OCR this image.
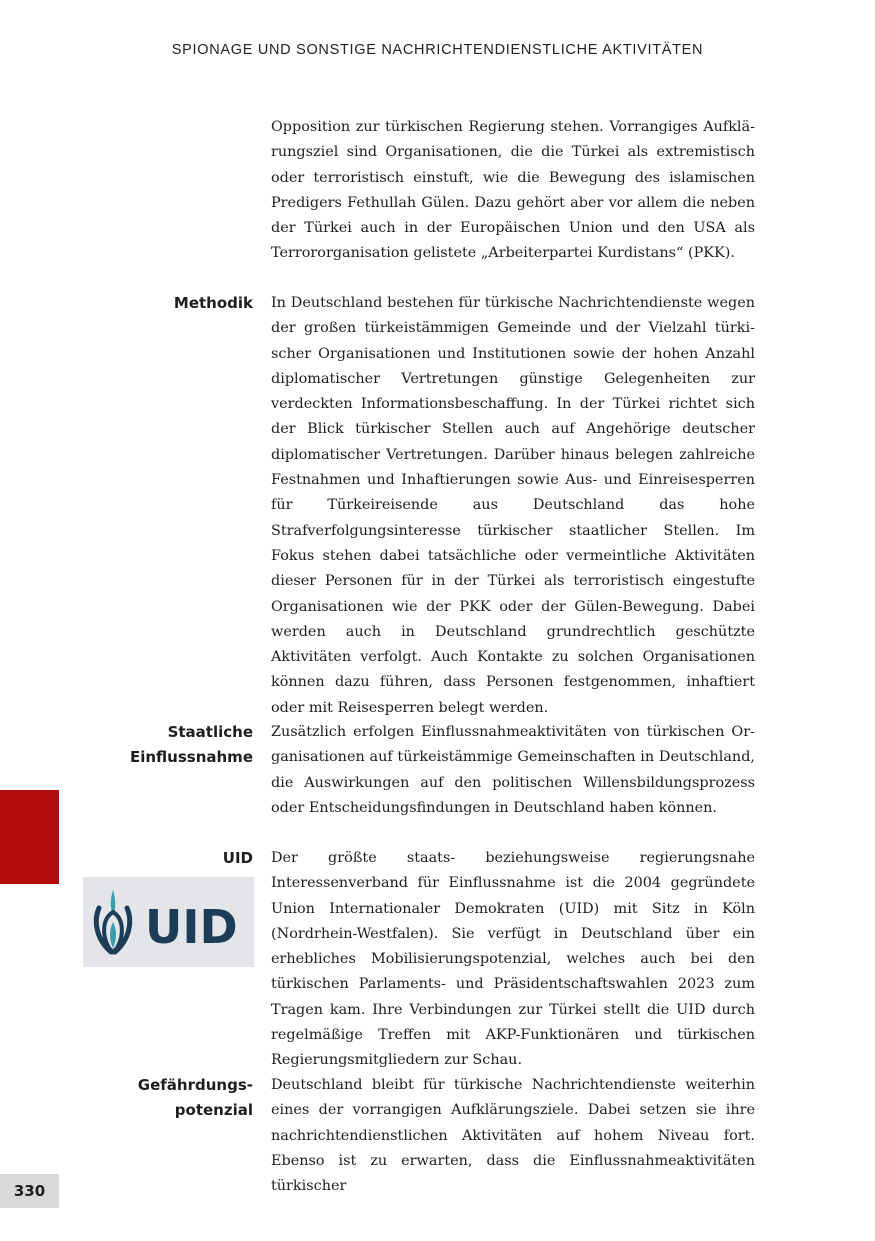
SPIONAGE UND SONSTIGE NACHRICHTENDIENSTLICHE AKTIVITÄTEN
Opposition zur türkischen Regierung stehen. Vorrangiges Aufklärungsziel sind Organisationen, die die Türkei als extremistisch oder terroristisch einstuft, wie die Bewegung des islamischen Predigers Fethullah Gülen. Dazu gehört aber vor allem die neben der Türkei auch in der Europäischen Union und den USA als Terrororganisation gelistete „Arbeiterpartei Kurdistans“ (PKK).
Methodik In Deutschland bestehen für türkische Nachrichtendienste wegen der großen türkeistämmigen Gemeinde und der Vielzahl türkischer Organisationen und Institutionen sowie der hohen Anzahl diplomatischer Vertretungen günstige Gelegenheiten zur verdeckten Informationsbeschaffung. In der Türkei richtet sich der Blick türkischer Stellen auch auf Angehörige deutscher diplomatischer Vertretungen. Darüber hinaus belegen zahlreiche Festnahmen und Inhaftierungen sowie Aus- und Einreisesperren für Türkeireisende aus Deutschland das hohe Strafverfolgungsinteresse türkischer staatlicher Stellen. Im Fokus stehen dabei tatsächliche oder vermeintliche Aktivitäten dieser Personen für in der Türkei als terroristisch eingestufte Organisationen wie der PKK oder der Gülen-Bewegung. Dabei werden auch in Deutschland grundrechtlich geschützte Aktivitäten verfolgt. Auch Kontakte zu solchen Organisationen können dazu führen, dass Personen festgenommen, inhaftiert oder mit Reisesperren belegt werden.
Staatliche
Einflussnahme
Zusätzlich erfolgen Einflussnahmeaktivitäten von türkischen Organisationen auf türkeistämmige Gemeinschaften in Deutschland, die Auswirkungen auf den politischen Willensbildungsprozess oder Entscheidungsfindungen in Deutschland haben können.
UID
UID
Der größte staats- beziehungsweise regierungsnahe Interessenverband für Einflussnahme ist die 2004 gegründete Union Internationaler Demokraten (UID) mit Sitz in Köln (Nordrhein-Westfalen). Sie verfügt in Deutschland über ein erhebliches Mobilisierungspotenzial, welches auch bei den türkischen Parlaments- und Präsidentschaftswahlen 2023 zum Tragen kam. Ihre Verbindungen zur Türkei stellt die UID durch regelmäßige Treffen mit AKP-Funktionären und türkischen Regierungsmitgliedern zur Schau.
Gefährdungs-
potenzial
Deutschland bleibt für türkische Nachrichtendienste weiterhin eines der vorrangigen Aufklärungsziele. Dabei setzen sie ihre nachrichtendienstlichen Aktivitäten auf hohem Niveau fort. Ebenso ist zu erwarten, dass die Einflussnahmeaktivitäten türkischer
330
